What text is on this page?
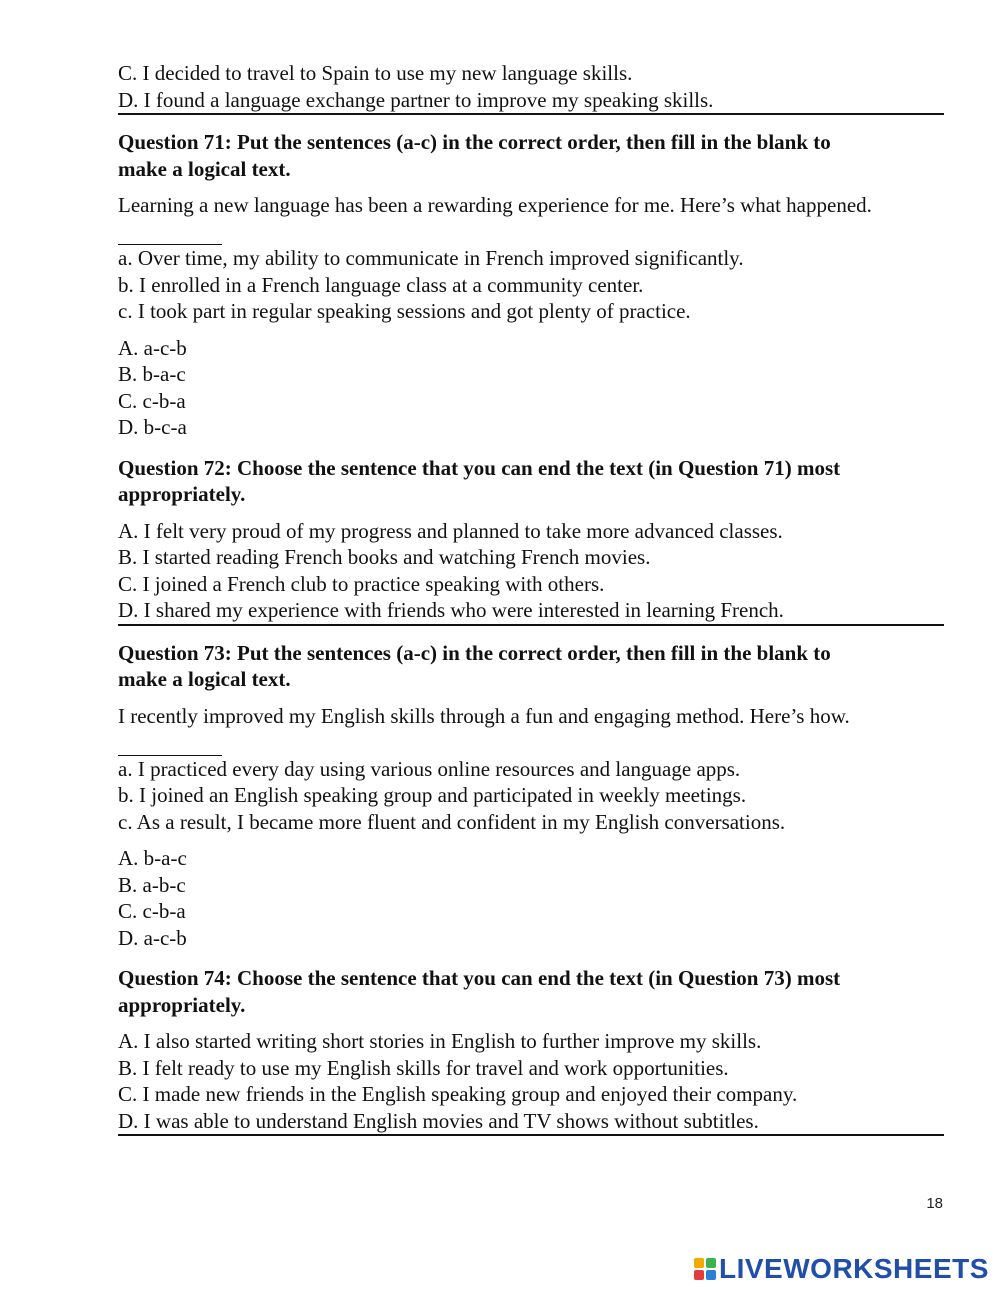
C. I decided to travel to Spain to use my new language skills.
D. I found a language exchange partner to improve my speaking skills.
Question 71: Put the sentences (a-c) in the correct order, then fill in the blank to
make a logical text.
Learning a new language has been a rewarding experience for me. Here’s what happened.
a. Over time, my ability to communicate in French improved significantly.
b. I enrolled in a French language class at a community center.
c. I took part in regular speaking sessions and got plenty of practice.
A. a-c-b
B. b-a-c
C. c-b-a
D. b-c-a
Question 72: Choose the sentence that you can end the text (in Question 71) most
appropriately.
A. I felt very proud of my progress and planned to take more advanced classes.
B. I started reading French books and watching French movies.
C. I joined a French club to practice speaking with others.
D. I shared my experience with friends who were interested in learning French.
Question 73: Put the sentences (a-c) in the correct order, then fill in the blank to
make a logical text.
I recently improved my English skills through a fun and engaging method. Here’s how.
a. I practiced every day using various online resources and language apps.
b. I joined an English speaking group and participated in weekly meetings.
c. As a result, I became more fluent and confident in my English conversations.
A. b-a-c
B. a-b-c
C. c-b-a
D. a-c-b
Question 74: Choose the sentence that you can end the text (in Question 73) most
appropriately.
A. I also started writing short stories in English to further improve my skills.
B. I felt ready to use my English skills for travel and work opportunities.
C. I made new friends in the English speaking group and enjoyed their company.
D. I was able to understand English movies and TV shows without subtitles.
18
LIVEWORKSHEETS
